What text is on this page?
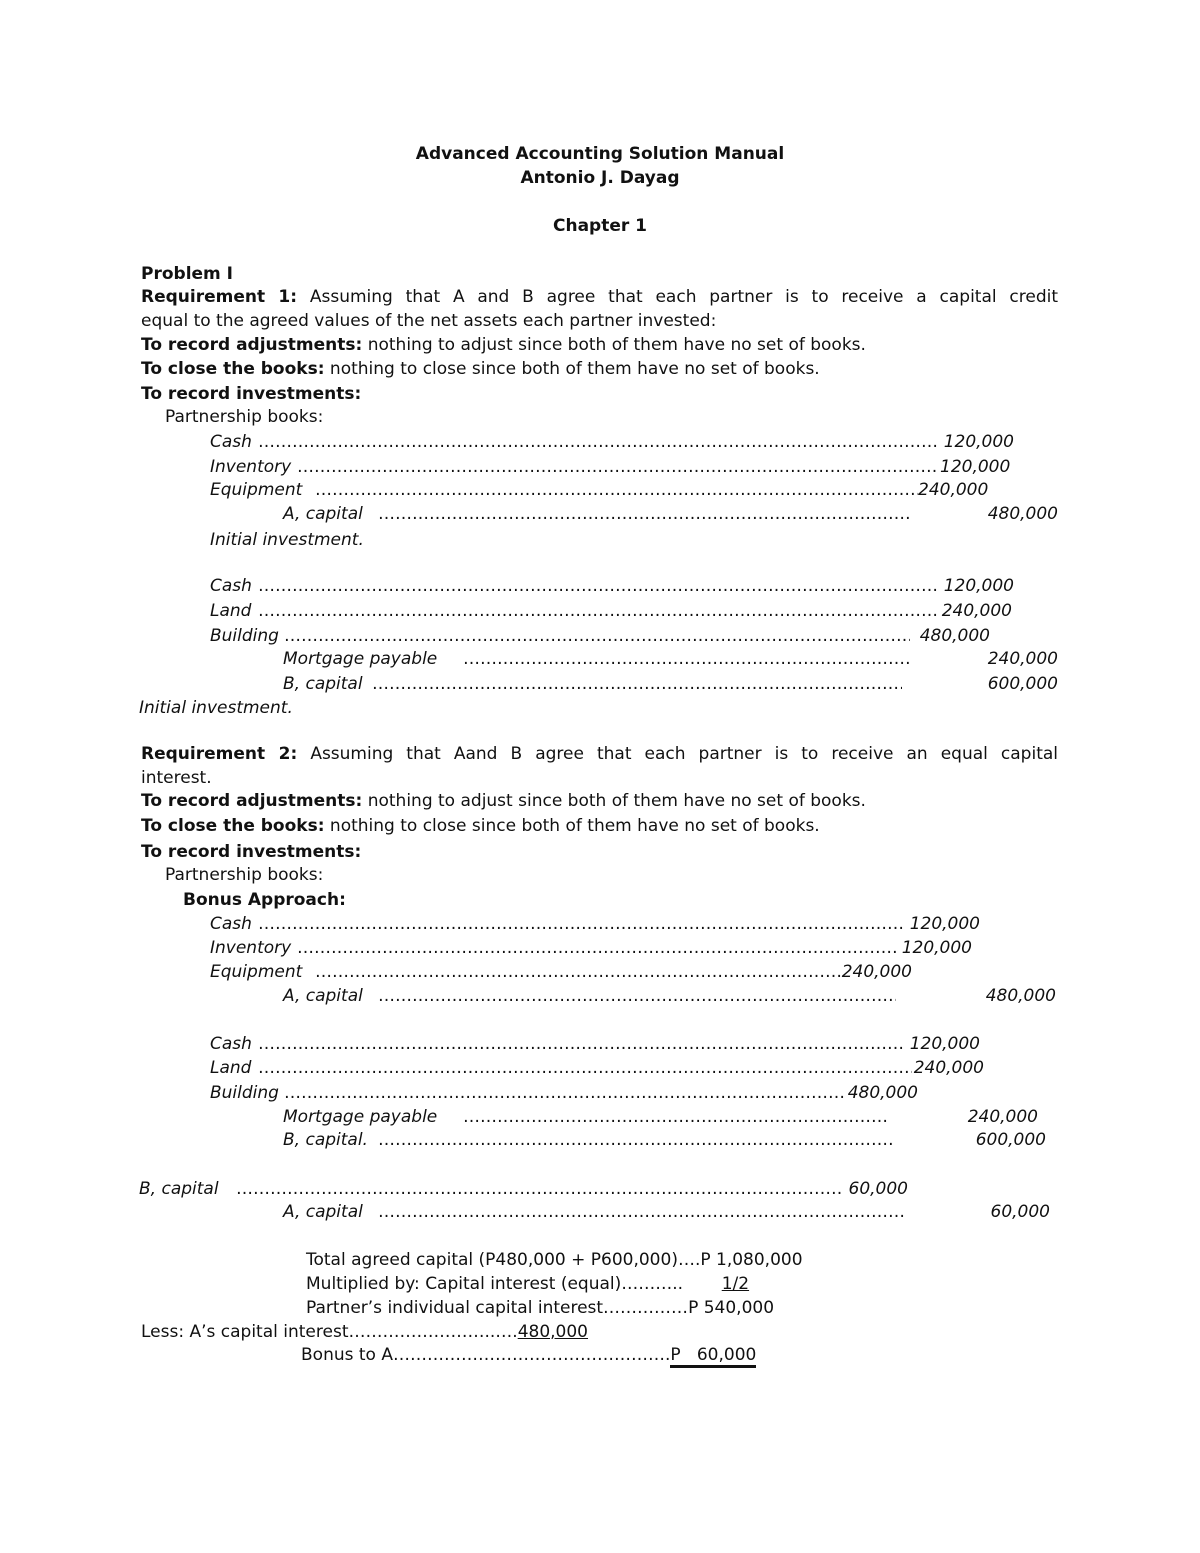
Advanced Accounting Solution Manual
Antonio J. Dayag
Chapter 1
Problem I
Requirement 1: Assuming that A and B agree that each partner is to receive a capital credit
equal to the agreed values of the net assets each partner invested:
To record adjustments: nothing to adjust since both of them have no set of books.
To close the books: nothing to close since both of them have no set of books.
To record investments:
Partnership books:
Cash ……………………………………………………………………………………………………………………………	120,000
Inventory ……………………………………………………………………………………………………………………………	120,000
Equipment ……………………………………………………………………………………………………………………………	240,000
A, capital ……………………………………………………………………………………………………………………………	480,000
Initial investment.
Cash ……………………………………………………………………………………………………………………………	120,000
Land ……………………………………………………………………………………………………………………………	240,000
Building ……………………………………………………………………………………………………………………………	480,000
Mortgage payable ……………………………………………………………………………………………………………………………	240,000
B, capital ……………………………………………………………………………………………………………………………	600,000
Initial investment.
Requirement 2: Assuming that Aand B agree that each partner is to receive an equal capital
interest.
To record adjustments: nothing to adjust since both of them have no set of books.
To close the books: nothing to close since both of them have no set of books.
To record investments:
Partnership books:
Bonus Approach:
Cash ……………………………………………………………………………………………………………………………	120,000
Inventory ……………………………………………………………………………………………………………………………	120,000
Equipment ……………………………………………………………………………………………………………………………	240,000
A, capital ……………………………………………………………………………………………………………………………	480,000
Cash ……………………………………………………………………………………………………………………………	120,000
Land ……………………………………………………………………………………………………………………………	240,000
Building ……………………………………………………………………………………………………………………………	480,000
Mortgage payable ……………………………………………………………………………………………………………………………	240,000
B, capital. ……………………………………………………………………………………………………………………………	600,000
B, capital ……………………………………………………………………………………………………………………………	60,000
A, capital ……………………………………………………………………………………………………………………………	60,000
Total agreed capital (P480,000 + P600,000)….P 1,080,000
Multiplied by: Capital interest (equal)……….. 1/2
Partner’s individual capital interest……………P 540,000
Less: A’s capital interest……………………..….480,000
Bonus to A………………………………………….P   60,000
